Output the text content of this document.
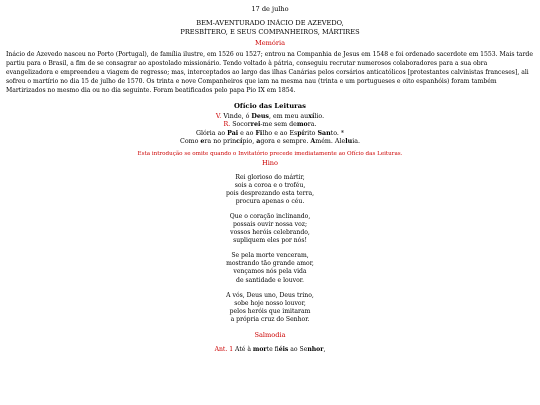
17 de julho
BEM-AVENTURADO INÁCIO DE AZEVEDO,
PRESBÍTERO, E SEUS COMPANHEIROS, MÁRTIRES
Memória
Inácio de Azevedo nasceu no Porto (Portugal), de família ilustre, em 1526 ou 1527; entrou na Companhia de Jesus em 1548 e foi ordenado sacerdote em 1553. Mais tarde partiu para o Brasil, a fim de se consagrar ao apostolado missionário. Tendo voltado à pátria, conseguiu recrutar numerosos colaboradores para a sua obra evangelizadora e empreendeu a viagem de regresso; mas, interceptados ao largo das ilhas Canárias pelos corsários anticatólicos [protestantes calvinistas franceses], ali sofreu o martírio no dia 15 de julho de 1570. Os trinta e nove Companheiros que iam na mesma nau (trinta e um portugueses e oito espanhóis) foram também Martirizados no mesmo dia ou no dia seguinte. Foram beatificados pelo papa Pio IX em 1854.
Ofício das Leituras
V. Vinde, ó Deus, em meu auxílio.
R. Socorrei-me sem demora.
Glória ao Pai e ao Filho e ao Espírito Santo. *
Como era no princípio, agora e sempre. Amém. Aleluia.
Esta introdução se omite quando o Invitatório precede imediatamente ao Ofício das Leituras.
Hino
Rei glorioso do mártir,
sois a coroa e o troféu,
pois desprezando esta terra,
procura apenas o céu.
Que o coração inclinando,
possais ouvir nossa voz;
vossos heróis celebrando,
supliquem eles por nós!
Se pela morte venceram,
mostrando tão grande amor,
vençamos nós pela vida
de santidade e louvor.
A vós, Deus uno, Deus trino,
sobe hoje nosso louvor,
pelos heróis que imitaram
a própria cruz do Senhor.
Salmodia
Ant. 1 Até à morte fiéis ao Senhor,
